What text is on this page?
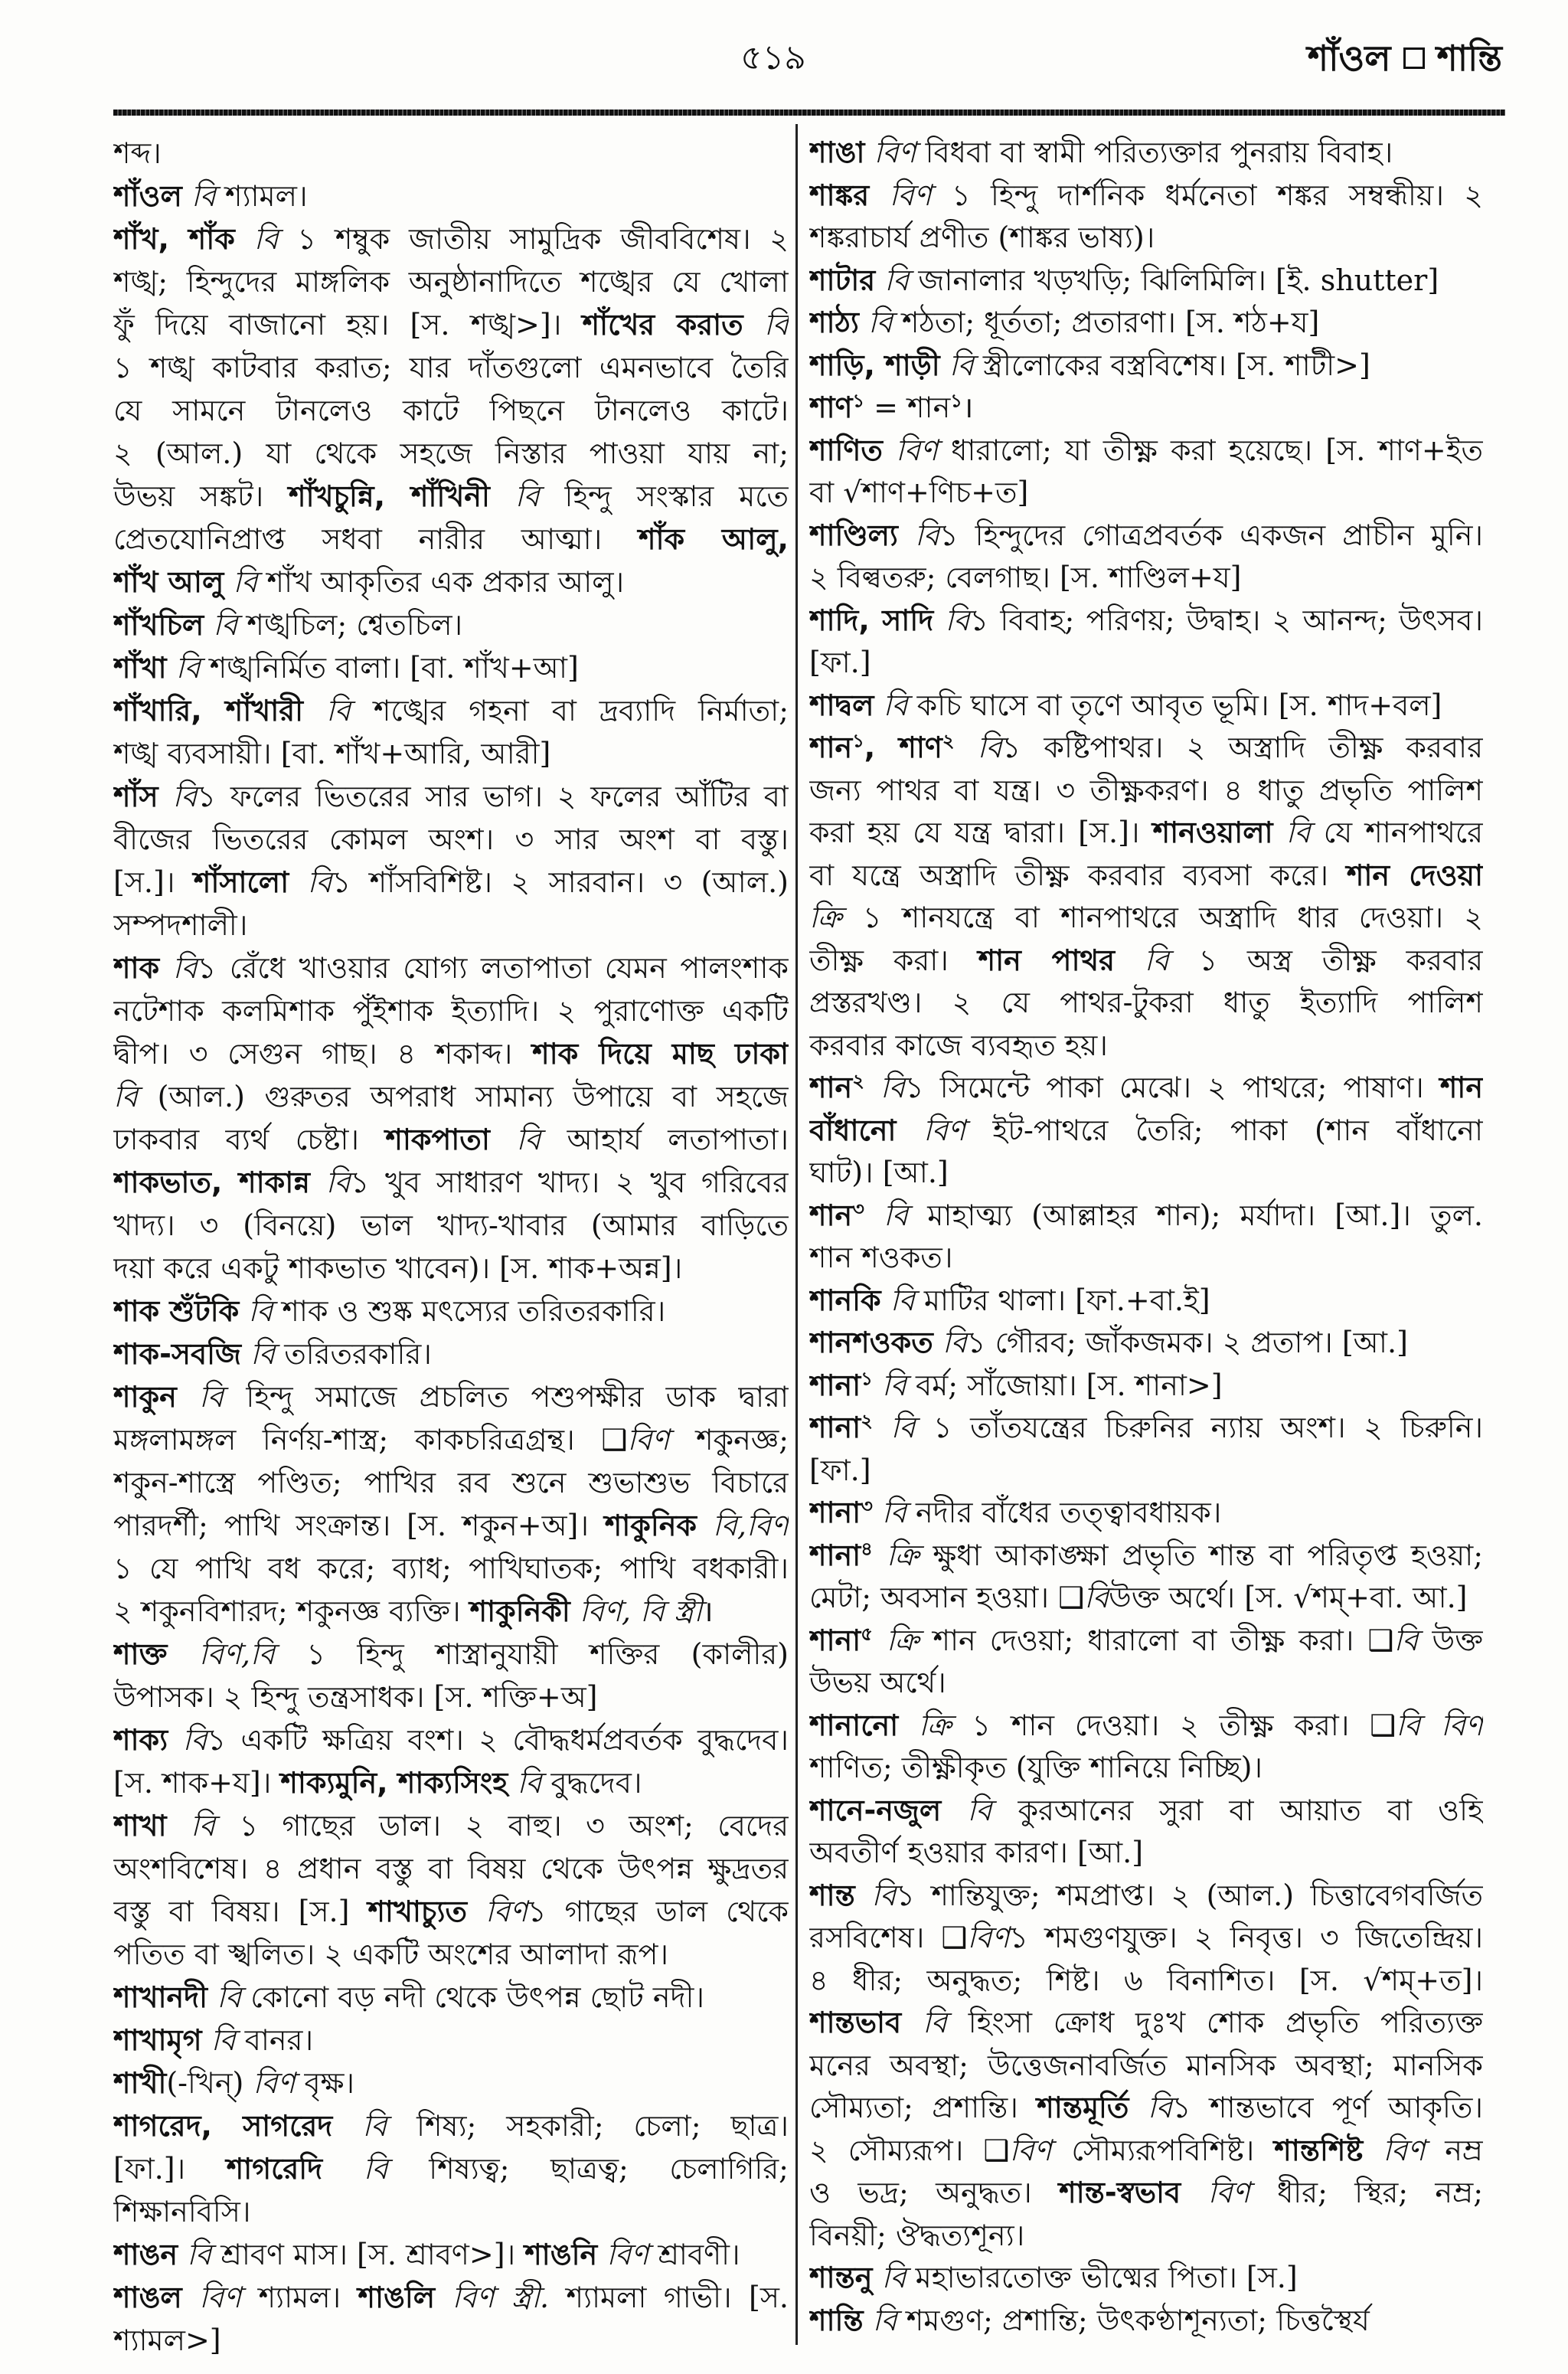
৫১৯	শাঁওল শান্তি
শব্দ।
শাঁওল বি শ্যামল।
শাঁখ, শাঁক বি ১ শম্বুক জাতীয় সামুদ্রিক জীববিশেষ। ২
শঙ্খ; হিন্দুদের মাঙ্গলিক অনুষ্ঠানাদিতে শঙ্খের যে খোলা
ফুঁ দিয়ে বাজানো হয়। [স. শঙ্খ>]। শাঁখের করাত বি
১ শঙ্খ কাটবার করাত; যার দাঁতগুলো এমনভাবে তৈরি
যে সামনে টানলেও কাটে পিছনে টানলেও কাটে।
২ (আল.) যা থেকে সহজে নিস্তার পাওয়া যায় না;
উভয় সঙ্কট। শাঁখচুন্নি, শাঁখিনী বি হিন্দু সংস্কার মতে
প্রেতযোনিপ্রাপ্ত সধবা নারীর আত্মা। শাঁক আলু,
শাঁখ আলু বি শাঁখ আকৃতির এক প্রকার আলু।
শাঁখচিল বি শঙ্খচিল; শ্বেতচিল।
শাঁখা বি শঙ্খনির্মিত বালা। [বা. শাঁখ+আ]
শাঁখারি, শাঁখারী বি শঙ্খের গহনা বা দ্রব্যাদি নির্মাতা;
শঙ্খ ব্যবসায়ী। [বা. শাঁখ+আরি, আরী]
শাঁস বি১ ফলের ভিতরের সার ভাগ। ২ ফলের আঁটির বা
বীজের ভিতরের কোমল অংশ। ৩ সার অংশ বা বস্তু।
[স.]। শাঁসালো বি১ শাঁসবিশিষ্ট। ২ সারবান। ৩ (আল.)
সম্পদশালী।
শাক বি১ রেঁধে খাওয়ার যোগ্য লতাপাতা যেমন পালংশাক
নটেশাক কলমিশাক পুঁইশাক ইত্যাদি। ২ পুরাণোক্ত একটি
দ্বীপ। ৩ সেগুন গাছ। ৪ শকাব্দ। শাক দিয়ে মাছ ঢাকা
বি (আল.) গুরুতর অপরাধ সামান্য উপায়ে বা সহজে
ঢাকবার ব্যর্থ চেষ্টা। শাকপাতা বি আহার্য লতাপাতা।
শাকভাত, শাকান্ন বি১ খুব সাধারণ খাদ্য। ২ খুব গরিবের
খাদ্য। ৩ (বিনয়ে) ভাল খাদ্য-খাবার (আমার বাড়িতে
দয়া করে একটু শাকভাত খাবেন)। [স. শাক+অন্ন]।
শাক শুঁটকি বি শাক ও শুষ্ক মৎস্যের তরিতরকারি।
শাক-সবজি বি তরিতরকারি।
শাকুন বি হিন্দু সমাজে প্রচলিত পশুপক্ষীর ডাক দ্বারা
মঙ্গলামঙ্গল নির্ণয়-শাস্ত্র; কাকচরিত্রগ্রন্থ। ❑বিণ শকুনজ্ঞ;
শকুন-শাস্ত্রে পণ্ডিত; পাখির রব শুনে শুভাশুভ বিচারে
পারদর্শী; পাখি সংক্রান্ত। [স. শকুন+অ]। শাকুনিক বি,বিণ
১ যে পাখি বধ করে; ব্যাধ; পাখিঘাতক; পাখি বধকারী।
২ শকুনবিশারদ; শকুনজ্ঞ ব্যক্তি। শাকুনিকী বিণ, বি স্ত্রী।
শাক্ত বিণ,বি ১ হিন্দু শাস্ত্রানুযায়ী শক্তির (কালীর)
উপাসক। ২ হিন্দু তন্ত্রসাধক। [স. শক্তি+অ]
শাক্য বি১ একটি ক্ষত্রিয় বংশ। ২ বৌদ্ধধর্মপ্রবর্তক বুদ্ধদেব।
[স. শাক+য]। শাক্যমুনি, শাক্যসিংহ বি বুদ্ধদেব।
শাখা বি ১ গাছের ডাল। ২ বাহু। ৩ অংশ; বেদের
অংশবিশেষ। ৪ প্রধান বস্তু বা বিষয় থেকে উৎপন্ন ক্ষুদ্রতর
বস্তু বা বিষয়। [স.] শাখাচ্যুত বিণ১ গাছের ডাল থেকে
পতিত বা স্খলিত। ২ একটি অংশের আলাদা রূপ।
শাখানদী বি কোনো বড় নদী থেকে উৎপন্ন ছোট নদী।
শাখামৃগ বি বানর।
শাখী(-খিন্) বিণ বৃক্ষ।
শাগরেদ, সাগরেদ বি শিষ্য; সহকারী; চেলা; ছাত্র।
[ফা.]। শাগরেদি বি শিষ্যত্ব; ছাত্রত্ব; চেলাগিরি;
শিক্ষানবিসি।
শাঙন বি শ্রাবণ মাস। [স. শ্রাবণ>]। শাঙনি বিণ শ্রাবণী।
শাঙল বিণ শ্যামল। শাঙলি বিণ স্ত্রী. শ্যামলা গাভী। [স.
শ্যামল>]
শাঙা বিণ বিধবা বা স্বামী পরিত্যক্তার পুনরায় বিবাহ।
শাঙ্কর বিণ ১ হিন্দু দার্শনিক ধর্মনেতা শঙ্কর সম্বন্ধীয়। ২
শঙ্করাচার্য প্রণীত (শাঙ্কর ভাষ্য)।
শাটার বি জানালার খড়খড়ি; ঝিলিমিলি। [ই. shutter]
শাঠ্য বি শঠতা; ধূর্ততা; প্রতারণা। [স. শঠ+য]
শাড়ি, শাড়ী বি স্ত্রীলোকের বস্ত্রবিশেষ। [স. শাটী>]
শাণ$^১$ = শান$^১$।
শাণিত বিণ ধারালো; যা তীক্ষ্ণ করা হয়েছে। [স. শাণ+ইত
বা √শাণ+ণিচ+ত]
শাণ্ডিল্য বি১ হিন্দুদের গোত্রপ্রবর্তক একজন প্রাচীন মুনি।
২ বিল্বতরু; বেলগাছ। [স. শাণ্ডিল+য]
শাদি, সাদি বি১ বিবাহ; পরিণয়; উদ্বাহ। ২ আনন্দ; উৎসব।
[ফা.]
শাদ্বল বি কচি ঘাসে বা তৃণে আবৃত ভূমি। [স. শাদ+বল]
শান$^১$, শাণ$^২$ বি১ কষ্টিপাথর। ২ অস্ত্রাদি তীক্ষ্ণ করবার
জন্য পাথর বা যন্ত্র। ৩ তীক্ষ্ণকরণ। ৪ ধাতু প্রভৃতি পালিশ
করা হয় যে যন্ত্র দ্বারা। [স.]। শানওয়ালা বি যে শানপাথরে
বা যন্ত্রে অস্ত্রাদি তীক্ষ্ণ করবার ব্যবসা করে। শান দেওয়া
ক্রি ১ শানযন্ত্রে বা শানপাথরে অস্ত্রাদি ধার দেওয়া। ২
তীক্ষ্ণ করা। শান পাথর বি ১ অস্ত্র তীক্ষ্ণ করবার
প্রস্তরখণ্ড। ২ যে পাথর-টুকরা ধাতু ইত্যাদি পালিশ
করবার কাজে ব্যবহৃত হয়।
শান$^২$ বি১ সিমেন্টে পাকা মেঝে। ২ পাথরে; পাষাণ। শান
বাঁধানো বিণ ইট-পাথরে তৈরি; পাকা (শান বাঁধানো
ঘাট)। [আ.]
শান$^৩$ বি মাহাত্ম্য (আল্লাহর শান); মর্যাদা। [আ.]। তুল.
শান শওকত।
শানকি বি মাটির থালা। [ফা.+বা.ই]
শানশওকত বি১ গৌরব; জাঁকজমক। ২ প্রতাপ। [আ.]
শানা$^১$ বি বর্ম; সাঁজোয়া। [স. শানা>]
শানা$^২$ বি ১ তাঁতযন্ত্রের চিরুনির ন্যায় অংশ। ২ চিরুনি।
[ফা.]
শানা$^৩$ বি নদীর বাঁধের তত্ত্বাবধায়ক।
শানা$^৪$ ক্রি ক্ষুধা আকাঙ্ক্ষা প্রভৃতি শান্ত বা পরিতৃপ্ত হওয়া;
মেটা; অবসান হওয়া। ❑বিউক্ত অর্থে। [স. √শম্+বা. আ.]
শানা$^৫$ ক্রি শান দেওয়া; ধারালো বা তীক্ষ্ণ করা। ❑বি উক্ত
উভয় অর্থে।
শানানো ক্রি ১ শান দেওয়া। ২ তীক্ষ্ণ করা। ❑বি বিণ
শাণিত; তীক্ষ্ণীকৃত (যুক্তি শানিয়ে নিচ্ছি)।
শানে-নজুল বি কুরআনের সুরা বা আয়াত বা ওহি
অবতীর্ণ হওয়ার কারণ। [আ.]
শান্ত বি১ শান্তিযুক্ত; শমপ্রাপ্ত। ২ (আল.) চিত্তাবেগবর্জিত
রসবিশেষ। ❑বিণ১ শমগুণযুক্ত। ২ নিবৃত্ত। ৩ জিতেন্দ্রিয়।
৪ ধীর; অনুদ্ধত; শিষ্ট। ৬ বিনাশিত। [স. √শম্+ত]।
শান্তভাব বি হিংসা ক্রোধ দুঃখ শোক প্রভৃতি পরিত্যক্ত
মনের অবস্থা; উত্তেজনাবর্জিত মানসিক অবস্থা; মানসিক
সৌম্যতা; প্রশান্তি। শান্তমূর্তি বি১ শান্তভাবে পূর্ণ আকৃতি।
২ সৌম্যরূপ। ❑বিণ সৌম্যরূপবিশিষ্ট। শান্তশিষ্ট বিণ নম্র
ও ভদ্র; অনুদ্ধত। শান্ত-স্বভাব বিণ ধীর; স্থির; নম্র;
বিনয়ী; ঔদ্ধত্যশূন্য।
শান্তনু বি মহাভারতোক্ত ভীষ্মের পিতা। [স.]
শান্তি বি শমগুণ; প্রশান্তি; উৎকণ্ঠাশূন্যতা; চিত্তস্থৈর্য
